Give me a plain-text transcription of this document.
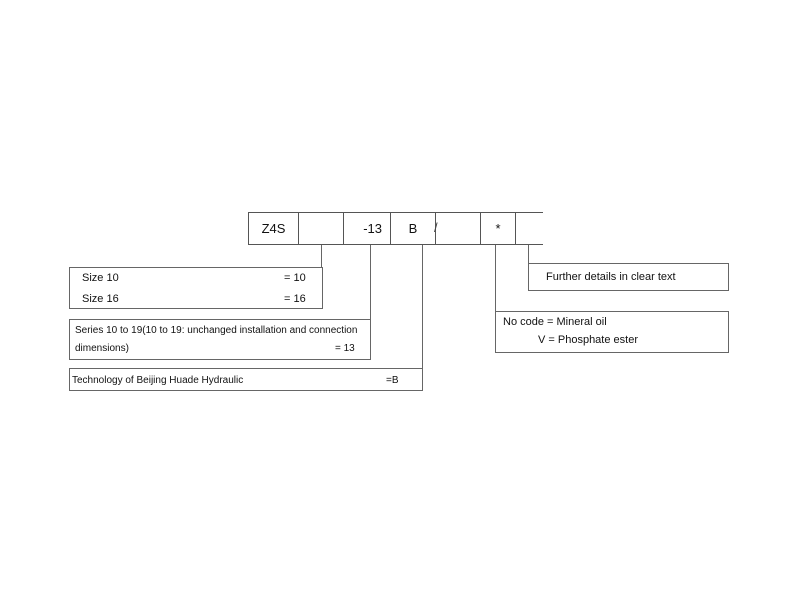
Z4S	-13	B	*
/
Size 10	= 10
Size 16	= 16
Series 10 to 19(10 to 19: unchanged installation and connection
dimensions)	= 13
Technology of Beijing Huade Hydraulic	=B
Further details in clear text
No code = Mineral oil
V = Phosphate ester
